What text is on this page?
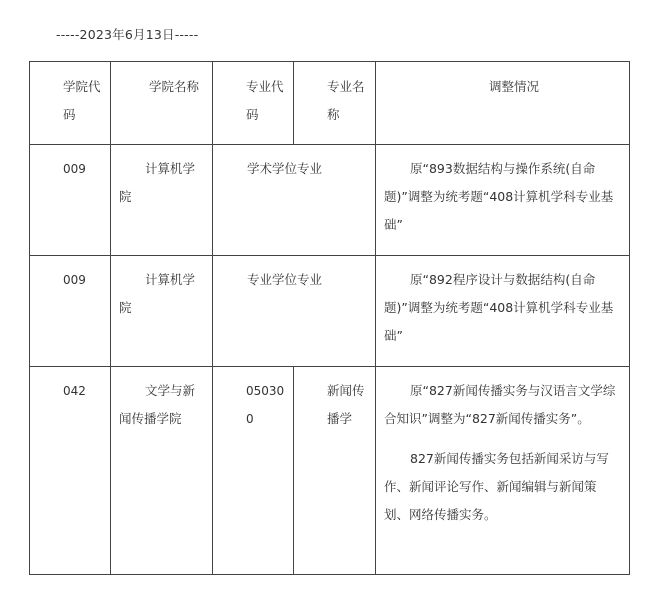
-----2023年6月13日-----
学院代码	学院名称	专业代码	专业名称	调整情况

009	计算机学院	学术学位专业		原“893数据结构与操作系统(自命题)”调整为统考题“408计算机学科专业基础”

009	计算机学院	专业学位专业		原“892程序设计与数据结构(自命题)”调整为统考题“408计算机学科专业基础”

042	文学与新闻传播学院	050300	新闻传播学	原“827新闻传播实务与汉语言文学综合知识”调整为“827新闻传播实务”。
827新闻传播实务包括新闻采访与写作、新闻评论写作、新闻编辑与新闻策划、网络传播实务。
